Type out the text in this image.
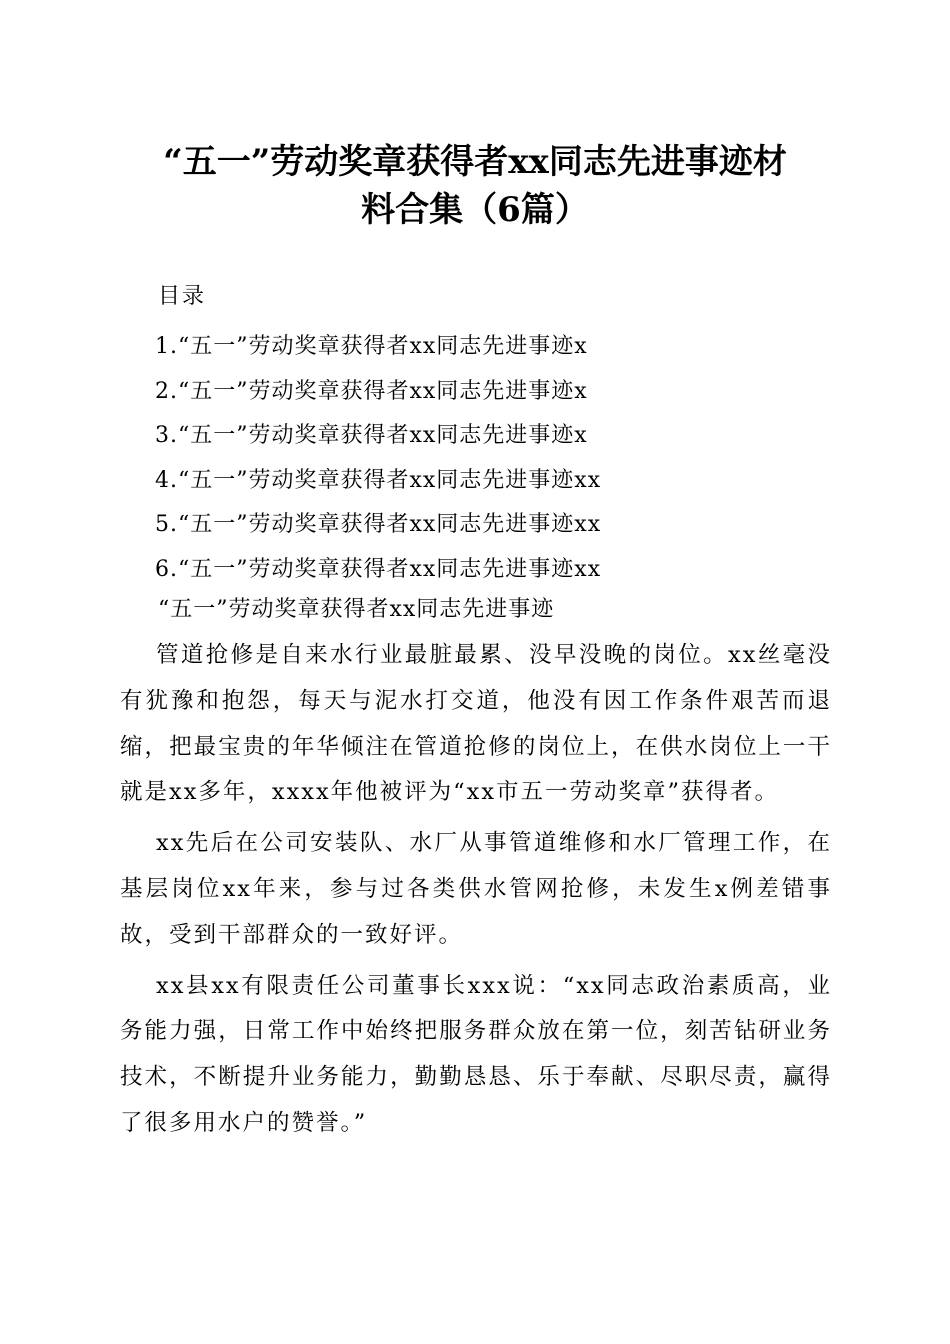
“五一”劳动奖章获得者xx同志先进事迹材
料合集（6篇）
目录
1.“五一”劳动奖章获得者xx同志先进事迹x
2.“五一”劳动奖章获得者xx同志先进事迹x
3.“五一”劳动奖章获得者xx同志先进事迹x
4.“五一”劳动奖章获得者xx同志先进事迹xx
5.“五一”劳动奖章获得者xx同志先进事迹xx
6.“五一”劳动奖章获得者xx同志先进事迹xx
“五一”劳动奖章获得者xx同志先进事迹

管道抢修是自来水行业最脏最累、没早没晚的岗位。xx丝毫没有犹豫和抱怨，每天与泥水打交道，他没有因工作条件艰苦而退缩，把最宝贵的年华倾注在管道抢修的岗位上，在供水岗位上一干就是xx多年，xxxx年他被评为“xx市五一劳动奖章”获得者。

xx先后在公司安装队、水厂从事管道维修和水厂管理工作，在基层岗位xx年来，参与过各类供水管网抢修，未发生x例差错事故，受到干部群众的一致好评。

xx县xx有限责任公司董事长xxx说：“xx同志政治素质高，业务能力强，日常工作中始终把服务群众放在第一位，刻苦钻研业务技术，不断提升业务能力，勤勤恳恳、乐于奉献、尽职尽责，赢得了很多用水户的赞誉。”
